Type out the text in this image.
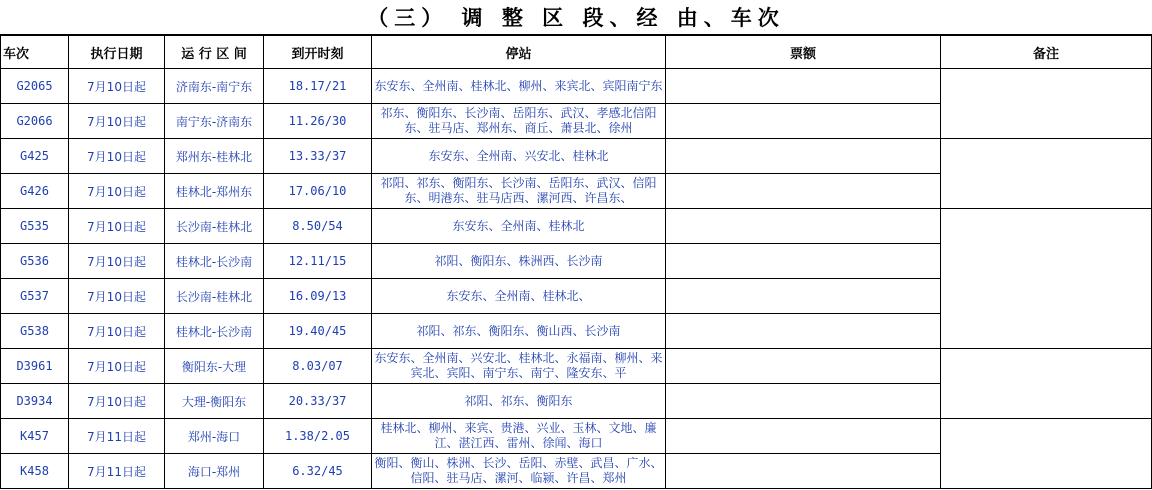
（三） 调 整 区 段、经 由、车次
车次	执行日期	运 行 区 间	到开时刻	停站	票额	备注
G2065	7月10日起	济南东-南宁东	18.17/21	东安东、全州南、桂林北、柳州、来宾北、宾阳南宁东		
G2066	7月10日起	南宁东-济南东	11.26/30	祁东、衡阳东、长沙南、岳阳东、武汉、孝感北信阳东、驻马店、郑州东、商丘、萧县北、徐州		
G425	7月10日起	郑州东-桂林北	13.33/37	东安东、全州南、兴安北、桂林北		
G426	7月10日起	桂林北-郑州东	17.06/10	祁阳、祁东、衡阳东、长沙南、岳阳东、武汉、信阳东、明港东、驻马店西、漯河西、许昌东、		
G535	7月10日起	长沙南-桂林北	8.50/54	东安东、全州南、桂林北		
G536	7月10日起	桂林北-长沙南	12.11/15	祁阳、衡阳东、株洲西、长沙南		
G537	7月10日起	长沙南-桂林北	16.09/13	东安东、全州南、桂林北、		
G538	7月10日起	桂林北-长沙南	19.40/45	祁阳、祁东、衡阳东、衡山西、长沙南		
D3961	7月10日起	衡阳东-大理	8.03/07	东安东、全州南、兴安北、桂林北、永福南、柳州、来宾北、宾阳、南宁东、南宁、隆安东、平		
D3934	7月10日起	大理-衡阳东	20.33/37	祁阳、祁东、衡阳东		
K457	7月11日起	郑州-海口	1.38/2.05	桂林北、柳州、来宾、贵港、兴业、玉林、文地、廉江、湛江西、雷州、徐闻、海口		
K458	7月11日起	海口-郑州	6.32/45	衡阳、衡山、株洲、长沙、岳阳、赤壁、武昌、广水、信阳、驻马店、漯河、临颍、许昌、郑州		
